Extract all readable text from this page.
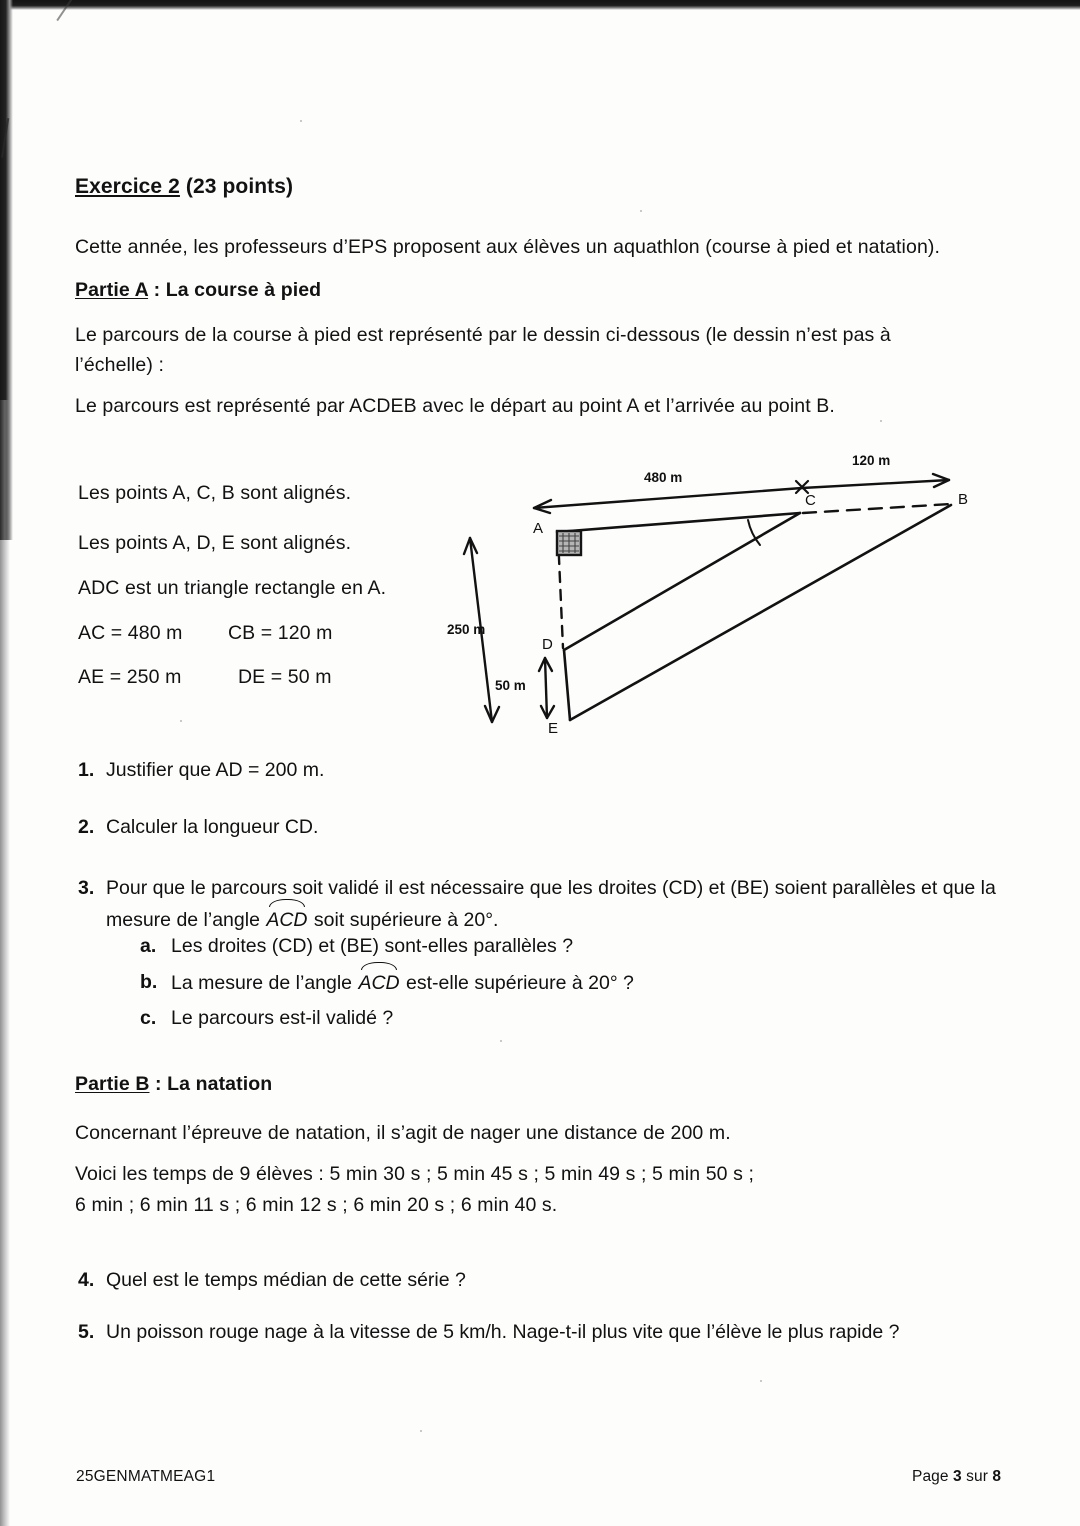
Exercice 2 (23 points)
Cette année, les professeurs d’EPS proposent aux élèves un aquathlon (course à pied et natation).
Partie A : La course à pied
Le parcours de la course à pied est représenté par le dessin ci-dessous (le dessin n’est pas à l’échelle) :
Le parcours est représenté par ACDEB avec le départ au point A et l’arrivée au point B.
Les points A, C, B sont alignés.
Les points A, D, E sont alignés.
ADC est un triangle rectangle en A.
AC = 480 m CB = 120 m
AE = 250 m	DE = 50 m
A
B
C
D
E
480 m
120 m
250 m
50 m
1. Justifier que AD = 200 m.
2. Calculer la longueur CD.
3. Pour que le parcours soit validé il est nécessaire que les droites (CD) et (BE) soient parallèles et que la mesure de l’angle ACD soit supérieure à 20°.
a. Les droites (CD) et (BE) sont-elles parallèles ?
b. La mesure de l’angle ACD est-elle supérieure à 20° ?
c. Le parcours est-il validé ?
Partie B : La natation
Concernant l’épreuve de natation, il s’agit de nager une distance de 200 m.
Voici les temps de 9 élèves : 5 min 30 s ; 5 min 45 s ; 5 min 49 s ; 5 min 50 s ;
6 min ; 6 min 11 s ; 6 min 12 s ; 6 min 20 s ; 6 min 40 s.
4. Quel est le temps médian de cette série ?
5. Un poisson rouge nage à la vitesse de 5 km/h. Nage-t-il plus vite que l’élève le plus rapide ?
25GENMATMEAG1	Page 3 sur 8
